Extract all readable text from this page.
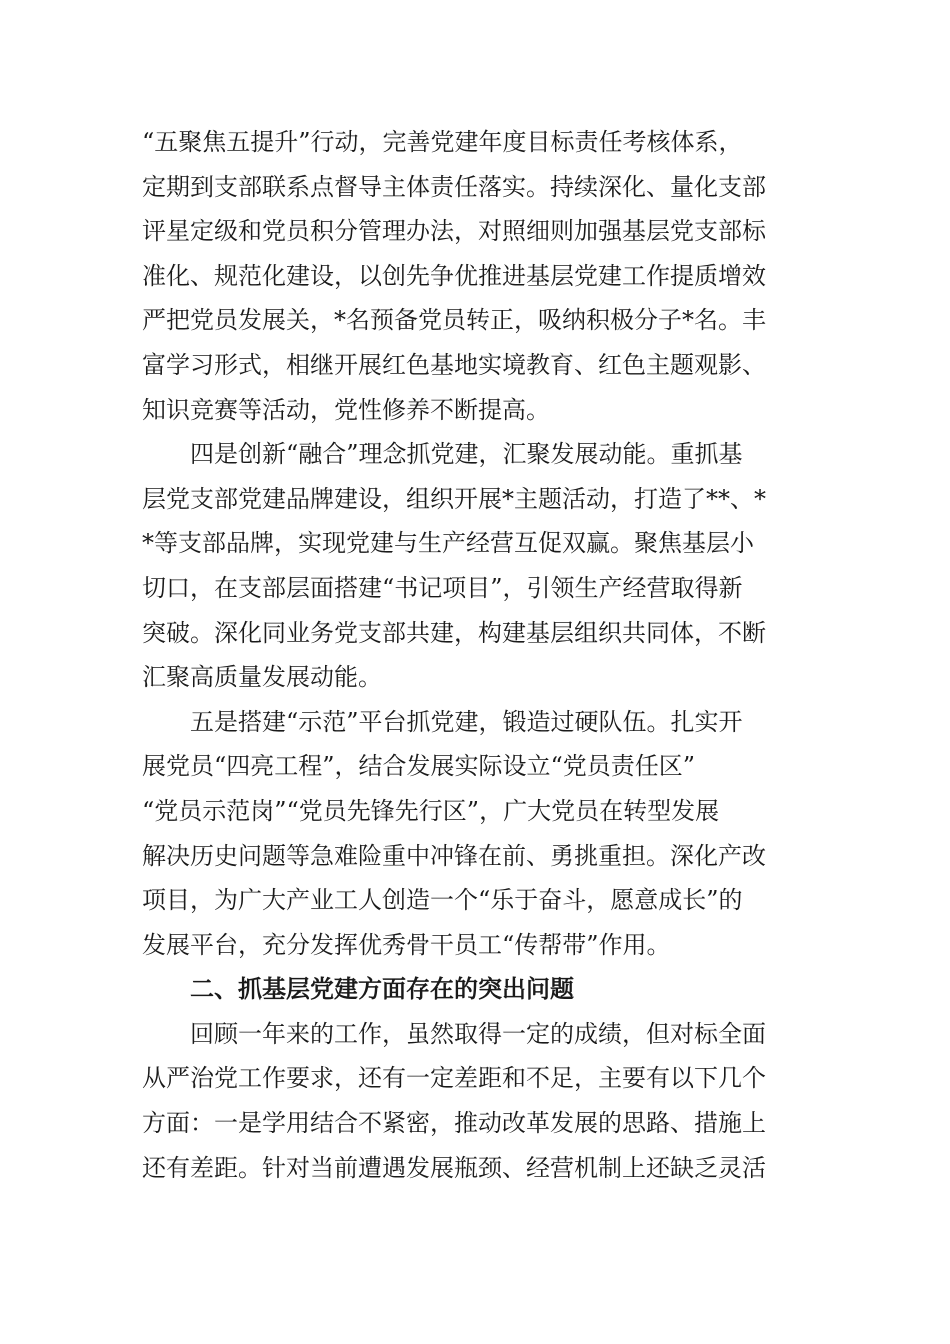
“五聚焦五提升”行动，完善党建年度目标责任考核体系，
定期到支部联系点督导主体责任落实。持续深化、量化支部
评星定级和党员积分管理办法，对照细则加强基层党支部标
准化、规范化建设，以创先争优推进基层党建工作提质增效
严把党员发展关，*名预备党员转正，吸纳积极分子*名。丰
富学习形式，相继开展红色基地实境教育、红色主题观影、
知识竞赛等活动，党性修养不断提高。
　　四是创新“融合”理念抓党建，汇聚发展动能。重抓基
层党支部党建品牌建设，组织开展*主题活动，打造了**、*
*等支部品牌，实现党建与生产经营互促双赢。聚焦基层小
切口，在支部层面搭建“书记项目”，引领生产经营取得新
突破。深化同业务党支部共建，构建基层组织共同体，不断
汇聚高质量发展动能。
　　五是搭建“示范”平台抓党建，锻造过硬队伍。扎实开
展党员“四亮工程”，结合发展实际设立“党员责任区”
“党员示范岗”“党员先锋先行区”，广大党员在转型发展
解决历史问题等急难险重中冲锋在前、勇挑重担。深化产改
项目，为广大产业工人创造一个“乐于奋斗，愿意成长”的
发展平台，充分发挥优秀骨干员工“传帮带”作用。
　　二、抓基层党建方面存在的突出问题
　　回顾一年来的工作，虽然取得一定的成绩，但对标全面
从严治党工作要求，还有一定差距和不足，主要有以下几个
方面：一是学用结合不紧密，推动改革发展的思路、措施上
还有差距。针对当前遭遇发展瓶颈、经营机制上还缺乏灵活
